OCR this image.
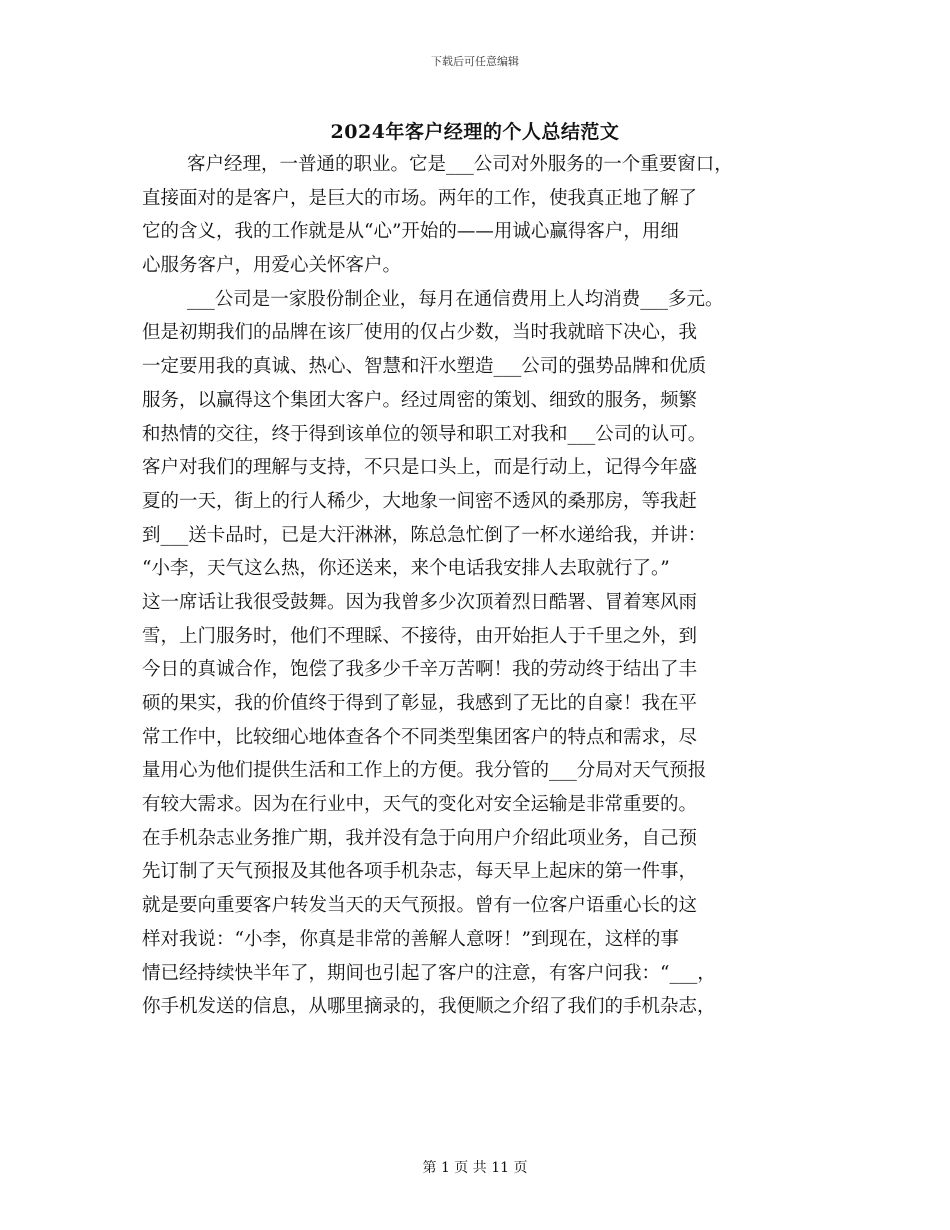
下载后可任意编辑
2024年客户经理的个人总结范文
客户经理，一普通的职业。它是___公司对外服务的一个重要窗口，
直接面对的是客户，是巨大的市场。两年的工作，使我真正地了解了
它的含义，我的工作就是从“心”开始的——用诚心赢得客户，用细
心服务客户，用爱心关怀客户。
___公司是一家股份制企业，每月在通信费用上人均消费___多元。
但是初期我们的品牌在该厂使用的仅占少数，当时我就暗下决心，我
一定要用我的真诚、热心、智慧和汗水塑造___公司的强势品牌和优质
服务，以赢得这个集团大客户。经过周密的策划、细致的服务，频繁
和热情的交往，终于得到该单位的领导和职工对我和___公司的认可。
客户对我们的理解与支持，不只是口头上，而是行动上，记得今年盛
夏的一天，街上的行人稀少，大地象一间密不透风的桑那房，等我赶
到___送卡品时，已是大汗淋淋，陈总急忙倒了一杯水递给我，并讲：
“小李，天气这么热，你还送来，来个电话我安排人去取就行了。”
这一席话让我很受鼓舞。因为我曾多少次顶着烈日酷署、冒着寒风雨
雪，上门服务时，他们不理睬、不接待，由开始拒人于千里之外，到
今日的真诚合作，饱偿了我多少千辛万苦啊！我的劳动终于结出了丰
硕的果实，我的价值终于得到了彰显，我感到了无比的自豪！我在平
常工作中，比较细心地体查各个不同类型集团客户的特点和需求，尽
量用心为他们提供生活和工作上的方便。我分管的___分局对天气预报
有较大需求。因为在行业中，天气的变化对安全运输是非常重要的。
在手机杂志业务推广期，我并没有急于向用户介绍此项业务，自己预
先订制了天气预报及其他各项手机杂志，每天早上起床的第一件事，
就是要向重要客户转发当天的天气预报。曾有一位客户语重心长的这
样对我说：“小李，你真是非常的善解人意呀！”到现在，这样的事
情已经持续快半年了，期间也引起了客户的注意，有客户问我：“___，
你手机发送的信息，从哪里摘录的，我便顺之介绍了我们的手机杂志，
第 1 页 共 11 页
